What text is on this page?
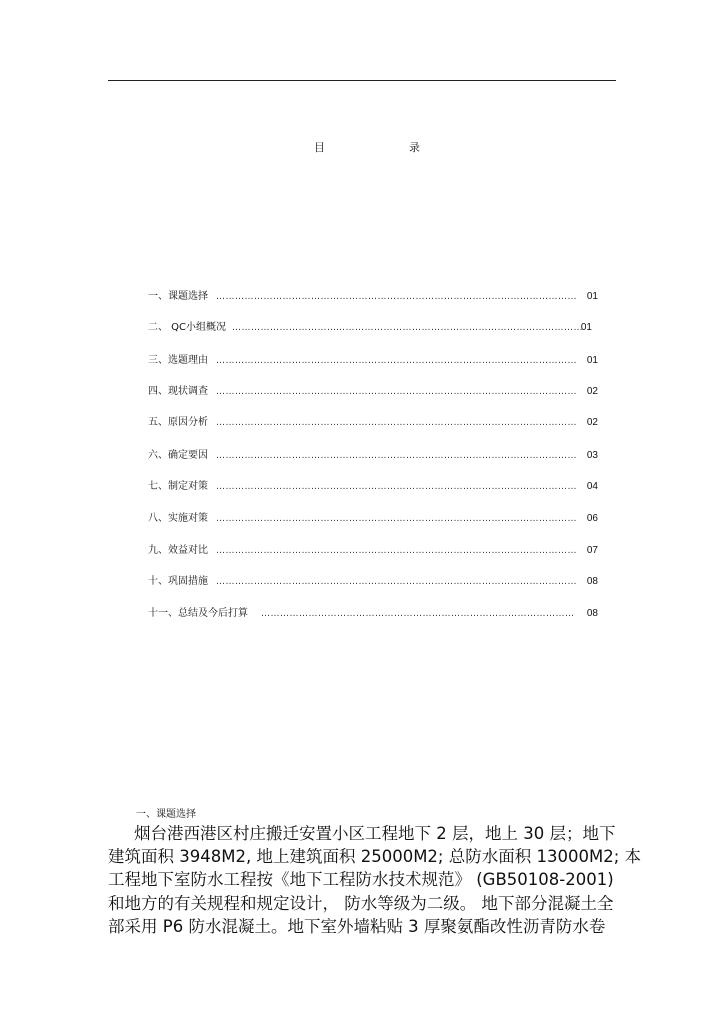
目	录
一、课题选择 …………………………………………………………………………………………………… 01
二、 QC小组概况 …………………………… ……………………………………………………………………
01
三、选题理由 …………………………………………………………………………………………………… 01
四、现状调查 …………………………………………………………………………………………………… 02
五、原因分析 …………………………………………………………………………………………………… 02
六、确定要因 …………………………………………………………………………………………………… 03
七、制定对策 …………………………………………………………………………………………………… 04
八、实施对策 …………………………………………………………………………………………………… 06
九、效益对比 …………………………………………………………………………………………………… 07
十、巩固措施 …………………………………………………………………………………………………… 08
十一、总结及今后打算 ……………………………………………………………………………………… 08
一、课题选择

烟台港西港区村庄搬迁安置小区工程地下 2 层，地上 30 层；地下

建筑面积 3948M2, 地上建筑面积 25000M2; 总防水面积 13000M2; 本

工程地下室防水工程按《地下工程防水技术规范》 (GB50108-2001)

和地方的有关规程和规定设计， 防水等级为二级。 地下部分混凝土全

部采用 P6 防水混凝土。地下室外墙粘贴 3 厚聚氨酯改性沥青防水卷
